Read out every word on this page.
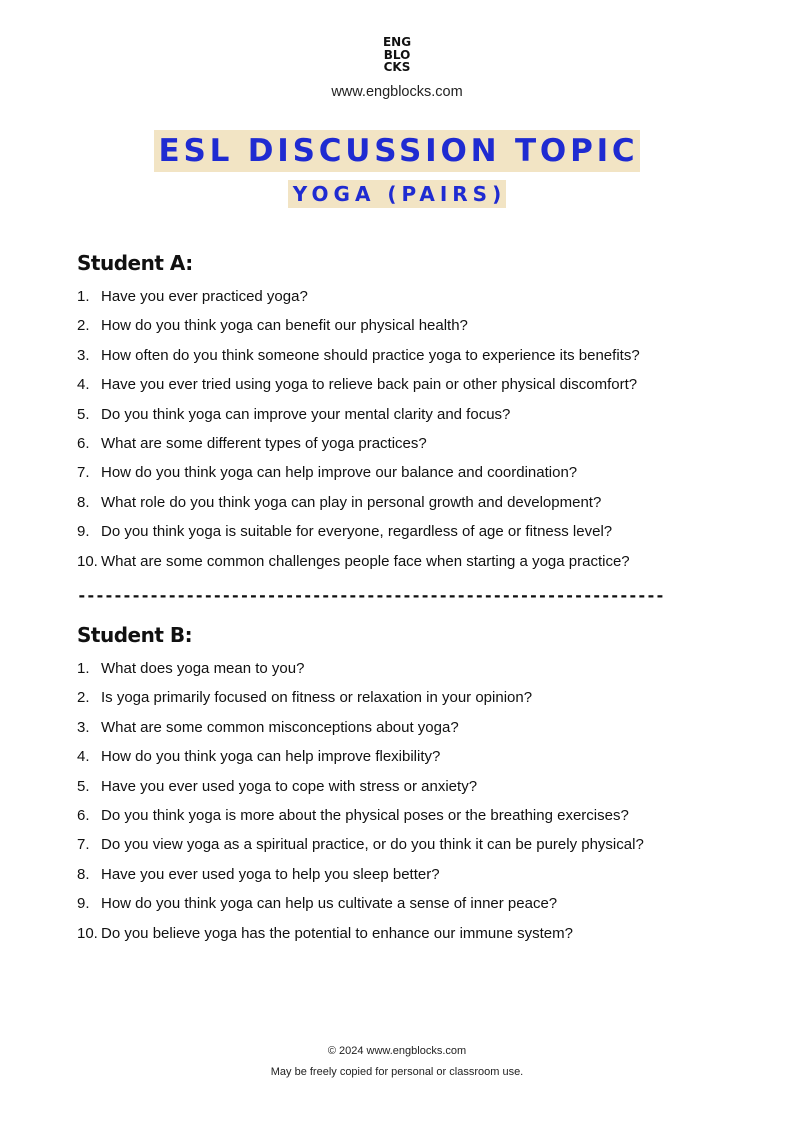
ENG
BLO
CKS
www.engblocks.com
ESL DISCUSSION TOPIC
YOGA (PAIRS)
Student A:
1. Have you ever practiced yoga?
2. How do you think yoga can benefit our physical health?
3. How often do you think someone should practice yoga to experience its benefits?
4. Have you ever tried using yoga to relieve back pain or other physical discomfort?
5. Do you think yoga can improve your mental clarity and focus?
6. What are some different types of yoga practices?
7. How do you think yoga can help improve our balance and coordination?
8. What role do you think yoga can play in personal growth and development?
9. Do you think yoga is suitable for everyone, regardless of age or fitness level?
10. What are some common challenges people face when starting a yoga practice?
-----------------------------------------------------------------
Student B:
1. What does yoga mean to you?
2. Is yoga primarily focused on fitness or relaxation in your opinion?
3. What are some common misconceptions about yoga?
4. How do you think yoga can help improve flexibility?
5. Have you ever used yoga to cope with stress or anxiety?
6. Do you think yoga is more about the physical poses or the breathing exercises?
7. Do you view yoga as a spiritual practice, or do you think it can be purely physical?
8. Have you ever used yoga to help you sleep better?
9. How do you think yoga can help us cultivate a sense of inner peace?
10. Do you believe yoga has the potential to enhance our immune system?
© 2024 www.engblocks.com
May be freely copied for personal or classroom use.
